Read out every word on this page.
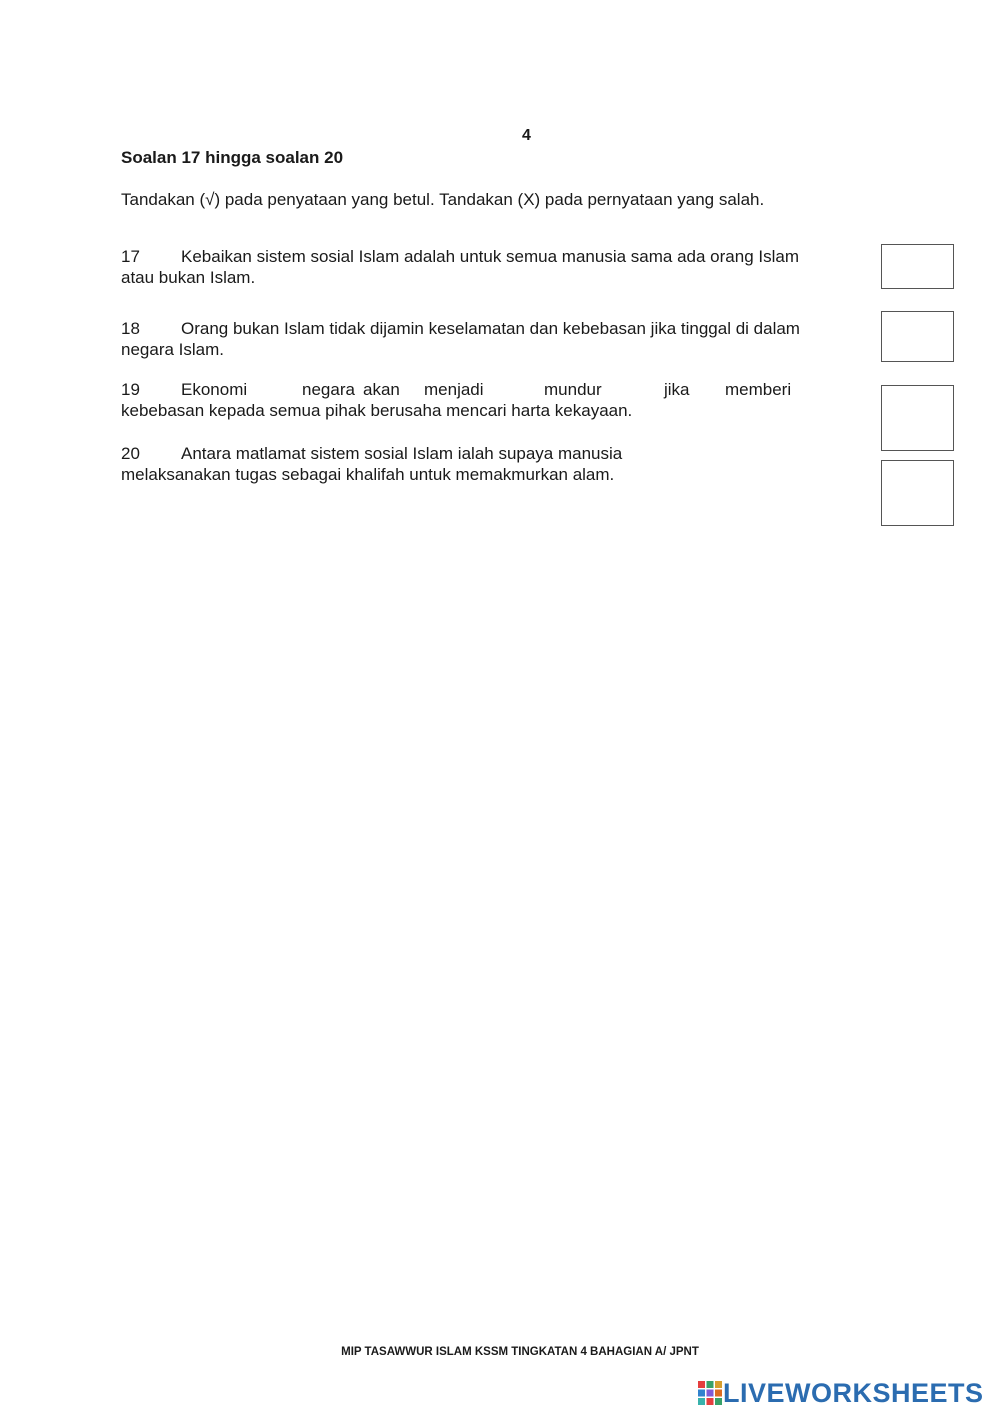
4
Soalan 17 hingga soalan 20
Tandakan (√) pada penyataan yang betul. Tandakan (X) pada pernyataan yang salah.
17 Kebaikan sistem sosial Islam adalah untuk semua manusia sama ada orang Islam
atau bukan Islam.
18 Orang bukan Islam tidak dijamin keselamatan dan kebebasan jika tinggal di dalam
negara Islam.
19	Ekonomi	negara akan	menjadi	mundur	jika	memberi
kebebasan kepada semua pihak berusaha mencari harta kekayaan.
20 Antara matlamat sistem sosial Islam ialah supaya manusia
melaksanakan tugas sebagai khalifah untuk memakmurkan alam.
MIP TASAWWUR ISLAM KSSM TINGKATAN 4 BAHAGIAN A/ JPNT
LIVEWORKSHEETS
